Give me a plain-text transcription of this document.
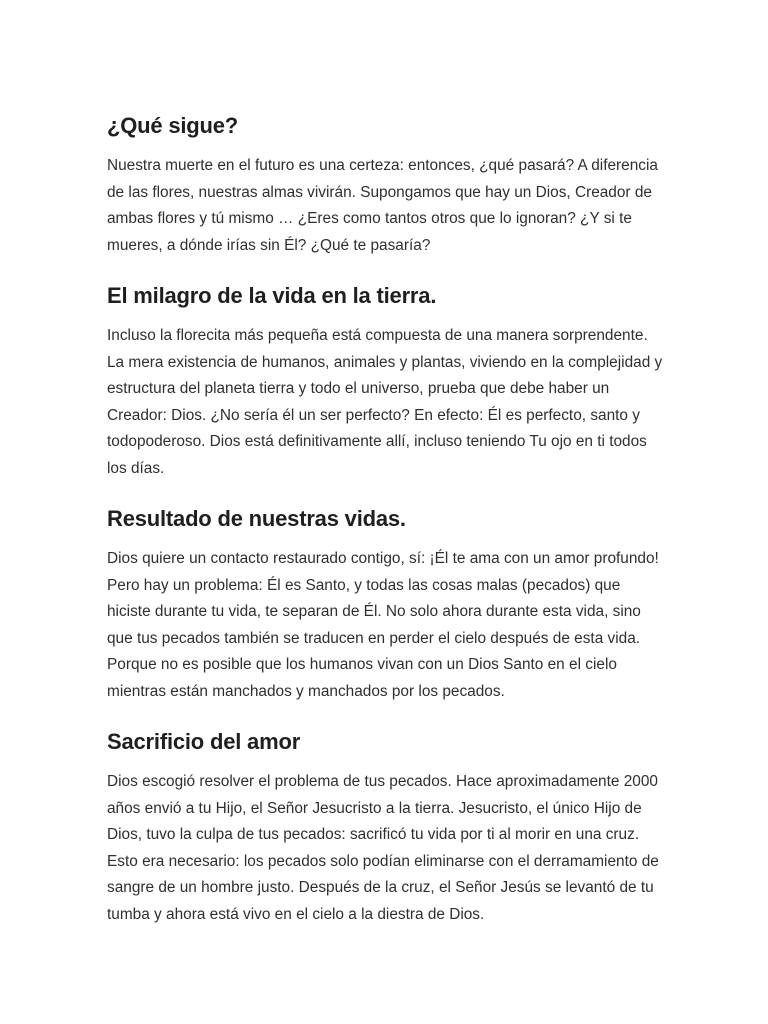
¿Qué sigue?

Nuestra muerte en el futuro es una certeza: entonces, ¿qué pasará? A diferencia de las flores, nuestras almas vivirán. Supongamos que hay un Dios, Creador de ambas flores y tú mismo … ¿Eres como tantos otros que lo ignoran? ¿Y si te mueres, a dónde irías sin Él? ¿Qué te pasaría?

El milagro de la vida en la tierra.

Incluso la florecita más pequeña está compuesta de una manera sorprendente. La mera existencia de humanos, animales y plantas, viviendo en la complejidad y estructura del planeta tierra y todo el universo, prueba que debe haber un Creador: Dios. ¿No sería él un ser perfecto? En efecto: Él es perfecto, santo y todopoderoso. Dios está definitivamente allí, incluso teniendo Tu ojo en ti todos los días.

Resultado de nuestras vidas.

Dios quiere un contacto restaurado contigo, sí: ¡Él te ama con un amor profundo! Pero hay un problema: Él es Santo, y todas las cosas malas (pecados) que hiciste durante tu vida, te separan de Él. No solo ahora durante esta vida, sino que tus pecados también se traducen en perder el cielo después de esta vida. Porque no es posible que los humanos vivan con un Dios Santo en el cielo mientras están manchados y manchados por los pecados.

Sacrificio del amor

Dios escogió resolver el problema de tus pecados. Hace aproximadamente 2000 años envió a tu Hijo, el Señor Jesucristo a la tierra. Jesucristo, el único Hijo de Dios, tuvo la culpa de tus pecados: sacrificó tu vida por ti al morir en una cruz. Esto era necesario: los pecados solo podían eliminarse con el derramamiento de sangre de un hombre justo. Después de la cruz, el Señor Jesús se levantó de tu tumba y ahora está vivo en el cielo a la diestra de Dios.
